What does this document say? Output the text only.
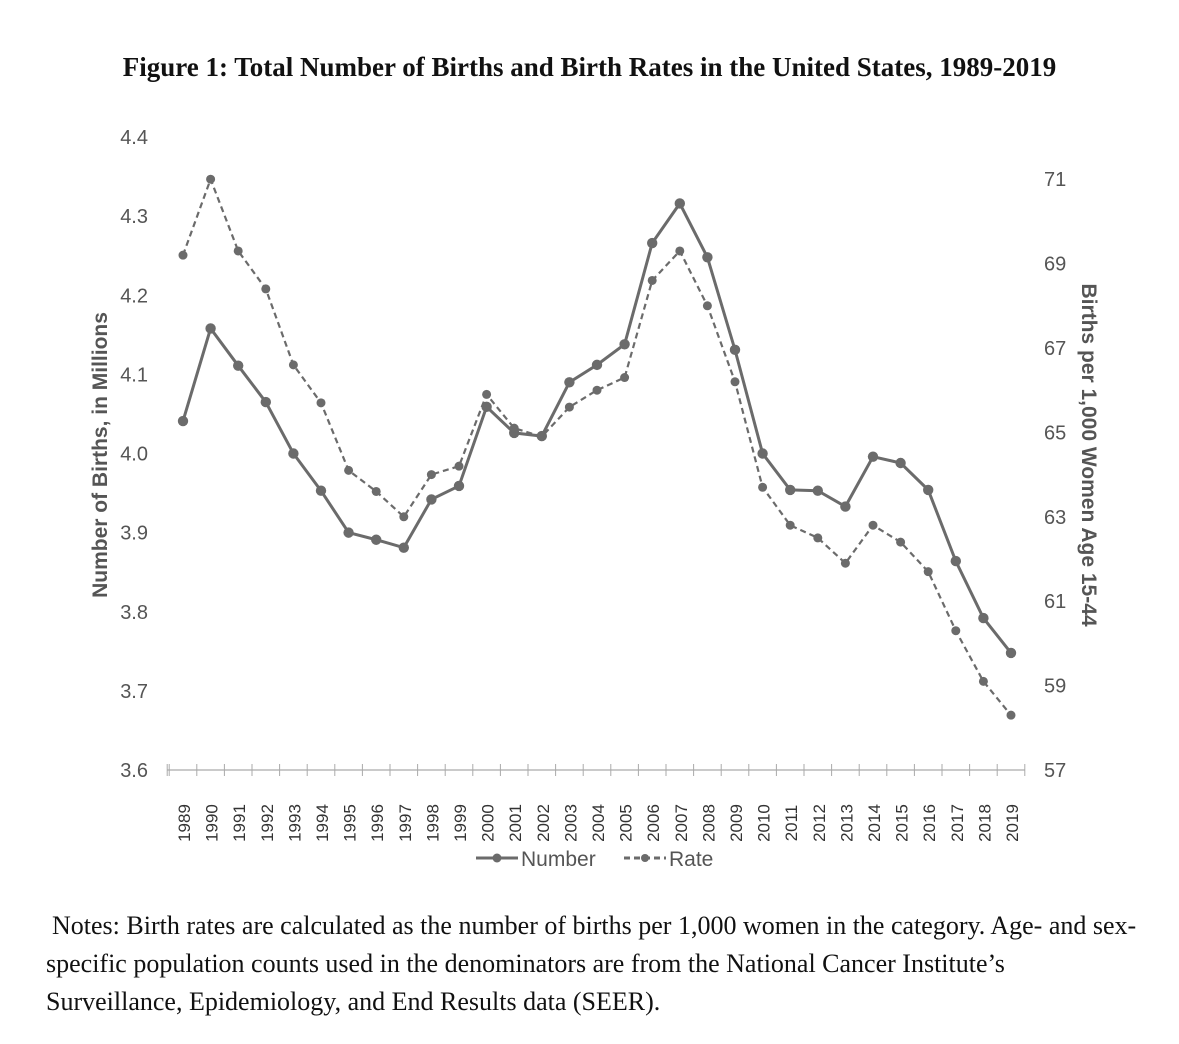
Figure 1: Total Number of Births and Birth Rates in the United States, 1989-2019
3.6
3.7
3.8
3.9
4.0
4.1
4.2
4.3
4.4
57
59
61
63
65
67
69
71
1989 1990 1991 1992 1993 1994 1995 1996 1997 1998 1999 2000 2001 2002 2003 2004 2005 2006 2007 2008 2009 2010 2011 2012 2013 2014 2015 2016 2017 2018 2019
Number of Births, in Millions	Births per 1,000 Women Age 15-44
Number	Rate

Notes: Birth rates are calculated as the number of births per 1,000 women in the category. Age- and sex-specific population counts used in the denominators are from the National Cancer Institute’s Surveillance, Epidemiology, and End Results data (SEER).
